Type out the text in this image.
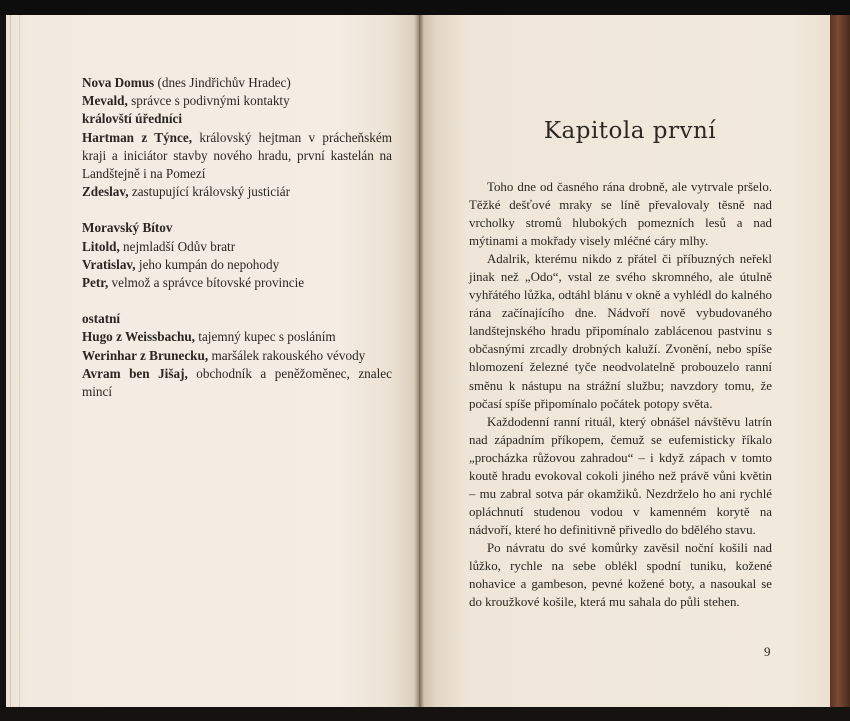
Nova Domus (dnes Jindřichův Hradec)
Mevald, správce s podivnými kontakty
královští úředníci
Hartman z Týnce, královský hejtman v prácheňském kraji a iniciátor stavby nového hradu, první kastelán na Landštejně i na Pomezí
Zdeslav, zastupující královský justiciár
Moravský Bítov
Litold, nejmladší Odův bratr
Vratislav, jeho kumpán do nepohody
Petr, velmož a správce bítovské provincie
ostatní
Hugo z Weissbachu, tajemný kupec s posláním
Werinhar z Brunecku, maršálek rakouského vévody
Avram ben Jišaj, obchodník a peněžoměnec, znalec mincí
Kapitola první

Toho dne od časného rána drobně, ale vytrvale pršelo. Těžké dešťové mraky se líně převalovaly těsně nad vrcholky stromů hlubokých pomezních lesů a nad mýtinami a mokřady visely mléčné cáry mlhy.

Adalrik, kterému nikdo z přátel či příbuzných neřekl jinak než „Odo“, vstal ze svého skromného, ale útulně vyhřátého lůžka, odtáhl blánu v okně a vyhlédl do kalného rána začínajícího dne. Nádvoří nově vybudovaného landštejnského hradu připomínalo zablácenou pastvinu s občasnými zrcadly drobných kaluží. Zvonění, nebo spíše hlomození železné tyče neodvolatelně probouzelo ranní směnu k nástupu na strážní službu; navzdory tomu, že počasí spíše připomínalo počátek potopy světa.

Každodenní ranní rituál, který obnášel návštěvu latrín nad západním příkopem, čemuž se eufemisticky říkalo „procházka růžovou zahradou“ – i když zápach v tomto koutě hradu evokoval cokoli jiného než právě vůni květin – mu zabral sotva pár okamžiků. Nezdrželo ho ani rychlé opláchnutí studenou vodou v kamenném korytě na nádvoří, které ho definitivně přivedlo do bdělého stavu.

Po návratu do své komůrky zavěsil noční košili nad lůžko, rychle na sebe oblékl spodní tuniku, kožené nohavice a gambeson, pevné kožené boty, a nasoukal se do kroužkové košile, která mu sahala do půli stehen.

9
